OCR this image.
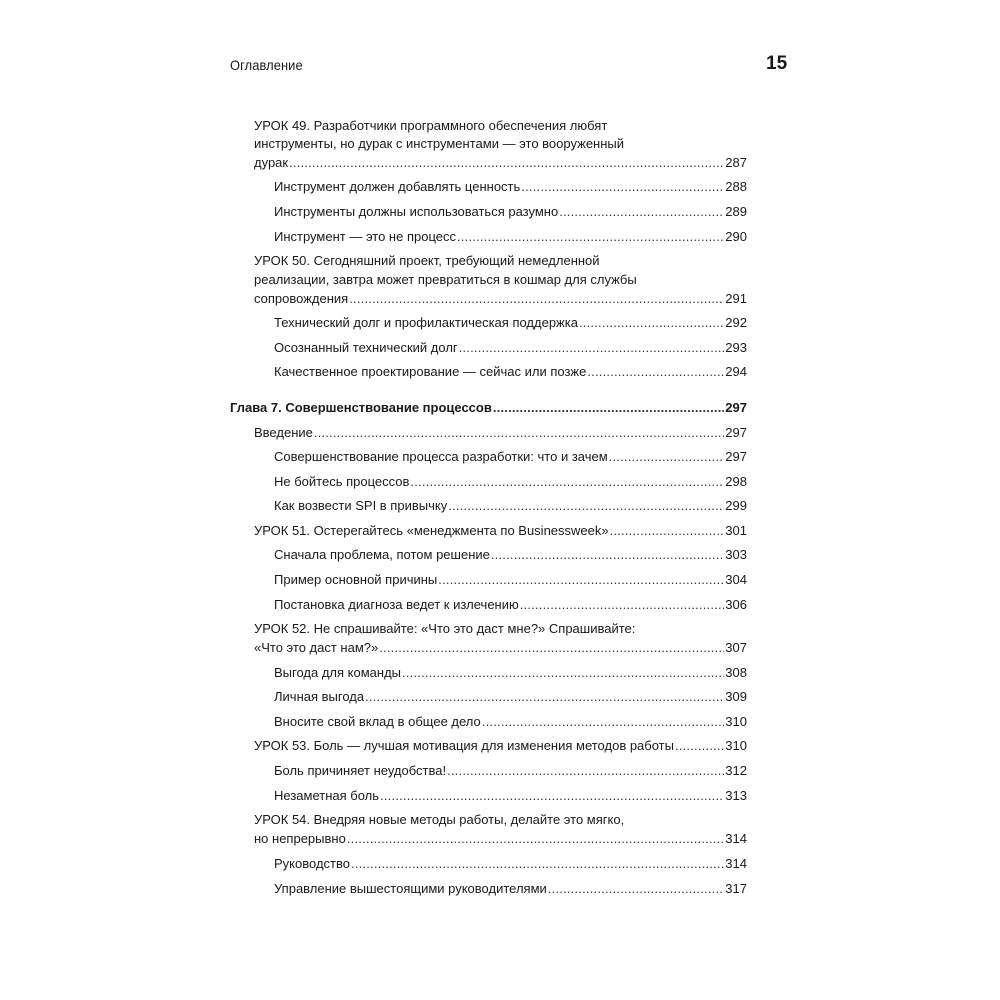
Оглавление	15
УРОК 49. Разработчики программного обеспечения любят
инструменты, но дурак с инструментами — это вооруженный
дурак .....	287
Инструмент должен добавлять ценность .....	288
Инструменты должны использоваться разумно .....	289
Инструмент — это не процесс .....	290
УРОК 50. Сегодняшний проект, требующий немедленной
реализации, завтра может превратиться в кошмар для службы
сопровождения .....	291
Технический долг и профилактическая поддержка .....	292
Осознанный технический долг .....	293
Качественное проектирование — сейчас или позже .....	294
Глава 7. Совершенствование процессов .....	297
Введение .....	297
Совершенствование процесса разработки: что и зачем .....	297
Не бойтесь процессов .....	298
Как возвести SPI в привычку .....	299
УРОК 51. Остерегайтесь «менеджмента по Businessweek» .....	301
Сначала проблема, потом решение .....	303
Пример основной причины .....	304
Постановка диагноза ведет к излечению .....	306
УРОК 52. Не спрашивайте: «Что это даст мне?» Спрашивайте:
«Что это даст нам?» .....	307
Выгода для команды .....	308
Личная выгода .....	309
Вносите свой вклад в общее дело .....	310
УРОК 53. Боль — лучшая мотивация для изменения методов работы .....	310
Боль причиняет неудобства! .....	312
Незаметная боль .....	313
УРОК 54. Внедряя новые методы работы, делайте это мягко,
но непрерывно .....	314
Руководство .....	314
Управление вышестоящими руководителями .....	317
